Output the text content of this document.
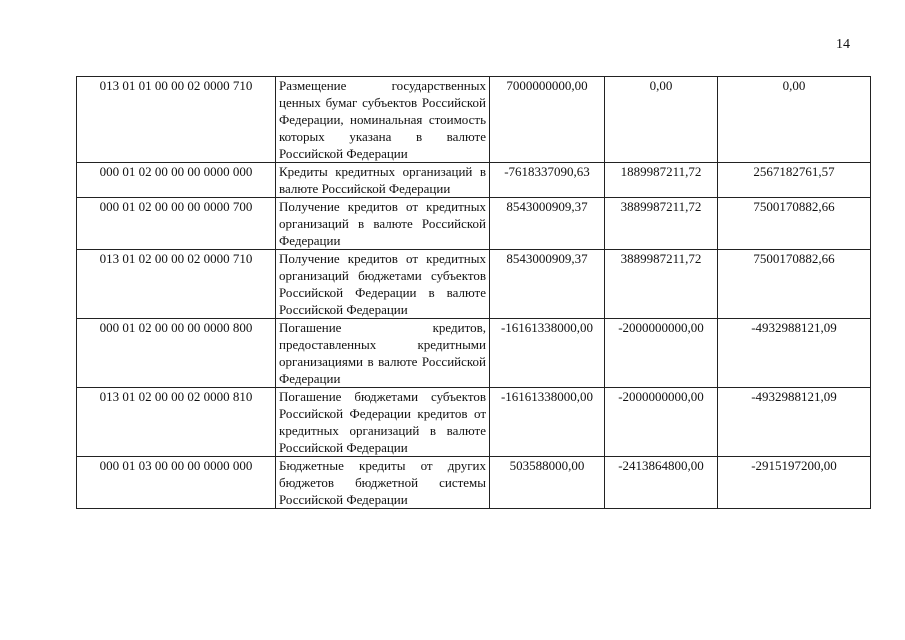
14
013 01 01 00 00 02 0000 710	Размещение государственных ценных бумаг субъектов Российской Федерации, номинальная стоимость которых указана в валюте Российской Федерации	7000000000,00	0,00	0,00
000 01 02 00 00 00 0000 000	Кредиты кредитных организаций в валюте Российской Федерации	-7618337090,63	1889987211,72	2567182761,57
000 01 02 00 00 00 0000 700	Получение кредитов от кредитных организаций в валюте Российской Федерации	8543000909,37	3889987211,72	7500170882,66
013 01 02 00 00 02 0000 710	Получение кредитов от кредитных организаций бюджетами субъектов Российской Федерации в валюте Российской Федерации	8543000909,37	3889987211,72	7500170882,66
000 01 02 00 00 00 0000 800	Погашение кредитов, предоставленных кредитными организациями в валюте Российской Федерации	-16161338000,00	-2000000000,00	-4932988121,09
013 01 02 00 00 02 0000 810	Погашение бюджетами субъектов Российской Федерации кредитов от кредитных организаций в валюте Российской Федерации	-16161338000,00	-2000000000,00	-4932988121,09
000 01 03 00 00 00 0000 000	Бюджетные кредиты от других бюджетов бюджетной системы Российской Федерации	503588000,00	-2413864800,00	-2915197200,00
